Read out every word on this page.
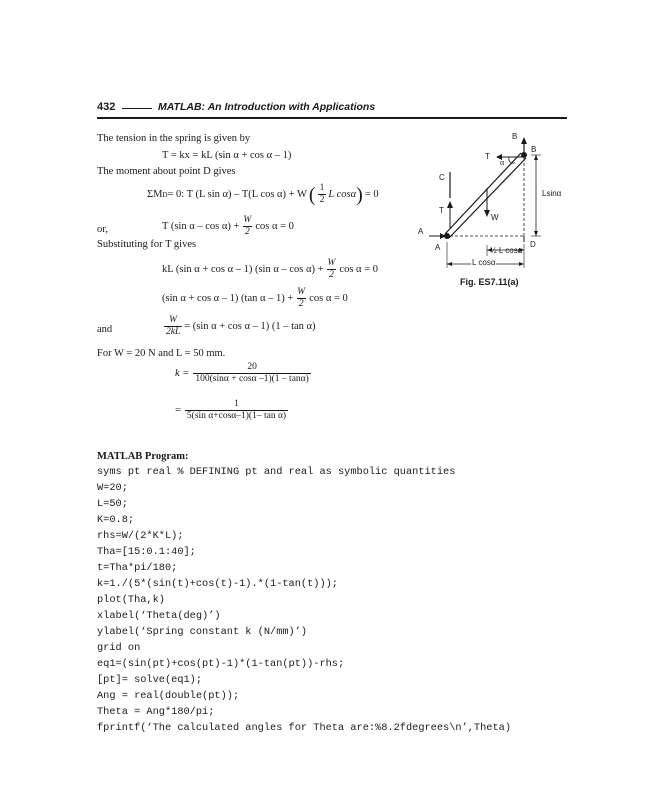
432	MATLAB: An Introduction with Applications
The tension in the spring is given by
T = kx = kL (sin α + cos α – 1)
The moment about point D gives
ΣM D = 0: T (L sin α) – T(L cos α) + W ( $\frac{1}{2}$ L cosα ) = 0
or,	T (sin $\alpha - \cos \alpha) + \frac{W}{2}$ cos α = 0
Substituting for T gives
kL (sin α + cos α – 1) (sin $\alpha - \cos \alpha) + \frac{W}{2}$ cos α = 0
(sin α + cos α – 1) (tan $\alpha - 1) + \frac{W}{2}$ cos α = 0
and	$\frac{W}{2kL} = (\sin$ α + cos α – 1) (1 – tan α)
For W = 20 N and L = 50 mm.
$k = \frac{20}{100(\sin\alpha + \cos\alpha -1)(1 - \tan\alpha)}$
= $\frac{1}{\text{5(sin α+cosα–1)(1– tan α)}}$
B
B
T
α
C
T
W
A
A	D
Lsinα
½ L cosα
L cosα
Fig. ES7.11(a)
MATLAB Program:
syms pt real % DEFINING pt and real as symbolic quantities
W=20;
L=50;
K=0.8;
rhs=W/(2*K*L);
Tha=[15:0.1:40];
t=Tha*pi/180;
k=1./(5*(sin(t)+cos(t)-1).*(1-tan(t)));
plot(Tha,k)
xlabel(‘Theta(deg)’)
ylabel(‘Spring constant k (N/mm)’)
grid on
eq1=(sin(pt)+cos(pt)-1)*(1-tan(pt))-rhs;
[pt]= solve(eq1);
Ang = real(double(pt));
Theta = Ang*180/pi;
fprintf(‘The calculated angles for Theta are:%8.2fdegrees\n’,Theta)
